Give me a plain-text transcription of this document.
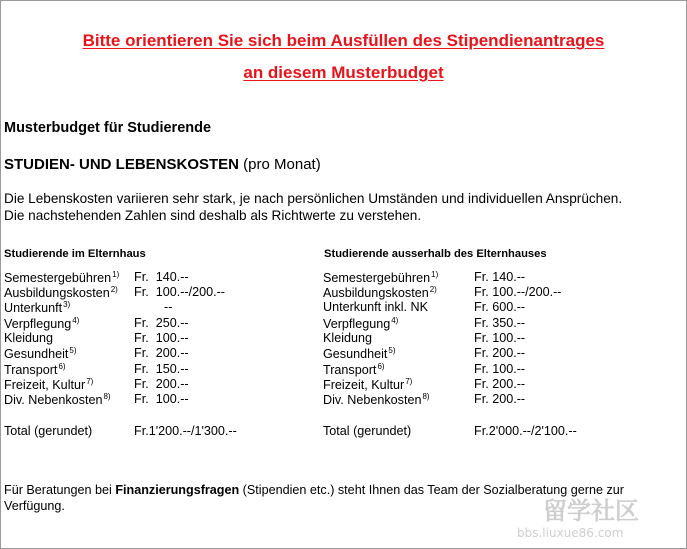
Bitte orientieren Sie sich beim Ausfüllen des Stipendienantrages
an diesem Musterbudget
Musterbudget für Studierende
STUDIEN- UND LEBENSKOSTEN (pro Monat)
Die Lebenskosten variieren sehr stark, je nach persönlichen Umständen und individuellen Ansprüchen.
Die nachstehenden Zahlen sind deshalb als Richtwerte zu verstehen.
Studierende im Elternhaus	Studierende ausserhalb des Elternhauses
Semestergebühren$^{1)}$ Fr.  140.--
Ausbildungskosten$^{2)}$ Fr.  100.--/200.--
Unterkunft$^{3)}$	--
Verpflegung$^{4)}$	Fr.  250.--
Kleidung	Fr.  100.--
Gesundheit$^{5)}$	Fr.  200.--
Transport$^{6)}$	Fr.  150.--
Freizeit, Kultur$^{7)}$	Fr.  200.--
Div. Nebenkosten$^{8)}$ Fr.  100.--
Total (gerundet)	Fr.1'200.--/1'300.--
Semestergebühren$^{1)}$	Fr. 140.--
Ausbildungskosten$^{2)}$	Fr. 100.--/200.--
Unterkunft inkl. NK	Fr. 600.--
Verpflegung$^{4)}$	Fr. 350.--
Kleidung	Fr. 100.--
Gesundheit$^{5)}$	Fr. 200.--
Transport$^{6)}$	Fr. 100.--
Freizeit, Kultur$^{7)}$	Fr. 200.--
Div. Nebenkosten$^{8)}$	Fr. 200.--
Total (gerundet)	Fr.2'000.--/2'100.--
Für Beratungen bei Finanzierungsfragen (Stipendien etc.) steht Ihnen das Team der Sozialberatung gerne zur
Verfügung.	留学社区
bbs.liuxue86.com
